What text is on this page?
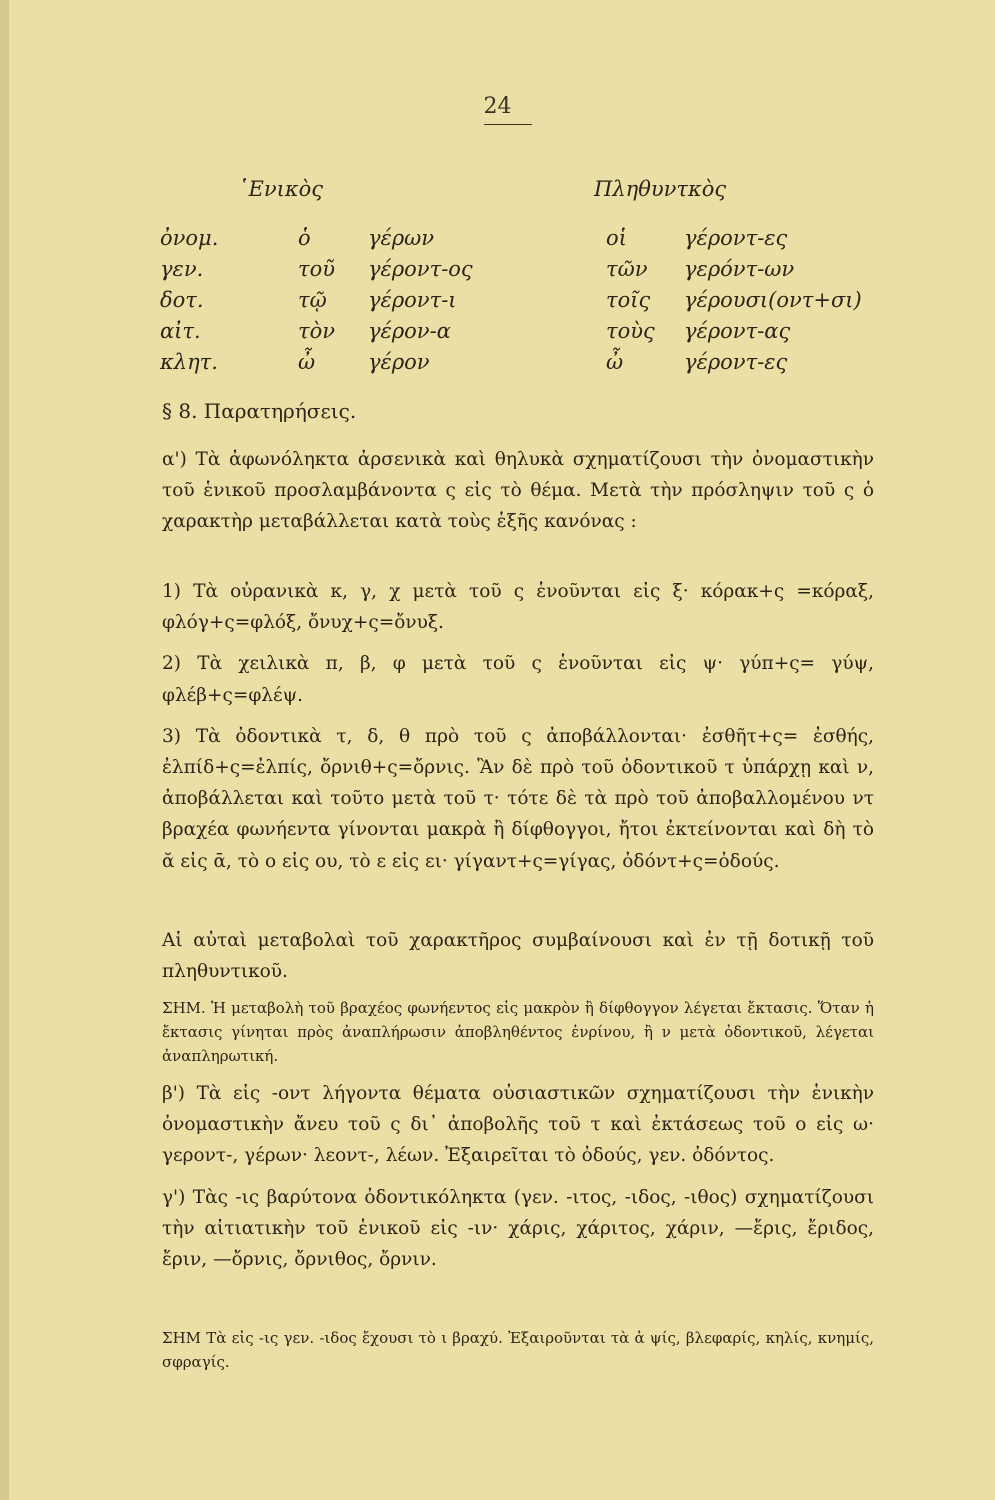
24
῾Ενικὸς	Πληθυντκὸς
ὀνομ.	ὁ	γέρων	οἱ	γέροντ-ες
γεν.	τοῦ γέροντ-ος	τῶν γερόντ-ων
δοτ.	τῷ γέροντ-ι	τοῖς γέρουσι(οντ+σι)
αἰτ.	τὸν γέρον-α	τοὺς γέροντ-ας
κλητ.	ὦ	γέρον	ὦ	γέροντ-ες

§ 8. Παρατηρήσεις.

α') Τὰ ἀφωνόληκτα ἀρσενικὰ καὶ θηλυκὰ σχηματίζουσι τὴν ὀνομαστικὴν τοῦ ἑνικοῦ προσλαμβάνοντα ς εἰς τὸ θέμα. Μετὰ τὴν πρόσληψιν τοῦ ς ὁ χαρακτὴρ μεταβάλλεται κατὰ τοὺς ἑξῆς κανόνας :

1) Τὰ οὐρανικὰ κ, γ, χ μετὰ τοῦ ς ἑνοῦνται εἰς ξ· κόρακ+ς =κόραξ, φλόγ+ς=φλόξ, ὄνυχ+ς=ὄνυξ.

2) Τὰ χειλικὰ π, β, φ μετὰ τοῦ ς ἑνοῦνται εἰς ψ· γύπ+ς= γύψ, φλέβ+ς=φλέψ.

3) Τὰ ὀδοντικὰ τ, δ, θ πρὸ τοῦ ς ἀποβάλλονται· ἐσθῆτ+ς= ἐσθής, ἐλπίδ+ς=ἐλπίς, ὄρνιθ+ς=ὄρνις. Ἂν δὲ πρὸ τοῦ ὀδοντικοῦ τ ὑπάρχῃ καὶ ν, ἀποβάλλεται καὶ τοῦτο μετὰ τοῦ τ· τότε δὲ τὰ πρὸ τοῦ ἀποβαλλομένου ντ βραχέα φωνήεντα γίνονται μακρὰ ἢ δίφθογγοι, ἤτοι ἐκτείνονται καὶ δὴ τὸ ᾰ εἰς ᾱ, τὸ ο εἰς ου, τὸ ε εἰς ει· γίγαντ+ς=γίγας, ὀδόντ+ς=ὀδούς.

Αἱ αὐταὶ μεταβολαὶ τοῦ χαρακτῆρος συμβαίνουσι καὶ ἐν τῇ δοτικῇ τοῦ πληθυντικοῦ.

ΣΗΜ. Ἡ μεταβολὴ τοῦ βραχέος φωνήεντος εἰς μακρὸν ἢ δίφθογγον λέγεται ἔκτασις. Ὅταν ἡ ἔκτασις γίνηται πρὸς ἀναπλήρωσιν ἀποβληθέντος ἐνρίνου, ἢ ν μετὰ ὀδοντικοῦ, λέγεται ἀναπληρωτική.

β') Τὰ εἰς -οντ λήγοντα θέματα οὐσιαστικῶν σχηματίζουσι τὴν ἑνικὴν ὀνομαστικὴν ἄνευ τοῦ ς δι᾿ ἀποβολῆς τοῦ τ καὶ ἐκτάσεως τοῦ ο εἰς ω· γεροντ-, γέρων· λεοντ-, λέων. Ἐξαιρεῖται τὸ ὀδούς, γεν. ὀδόντος.

γ') Τὰς -ις βαρύτονα ὀδοντικόληκτα (γεν. -ιτος, -ιδος, -ιθος) σχηματίζουσι τὴν αἰτιατικὴν τοῦ ἑνικοῦ εἰς -ιν· χάρις, χάριτος, χάριν, —ἔρις, ἔριδος, ἔριν, —ὄρνις, ὄρνιθος, ὄρνιν.

ΣΗΜ Τὰ εἰς -ις γεν. -ιδος ἔχουσι τὸ ι βραχύ. Ἐξαιροῦνται τὰ ἁ ψίς, βλεφαρίς, κηλίς, κνημίς, σφραγίς.
